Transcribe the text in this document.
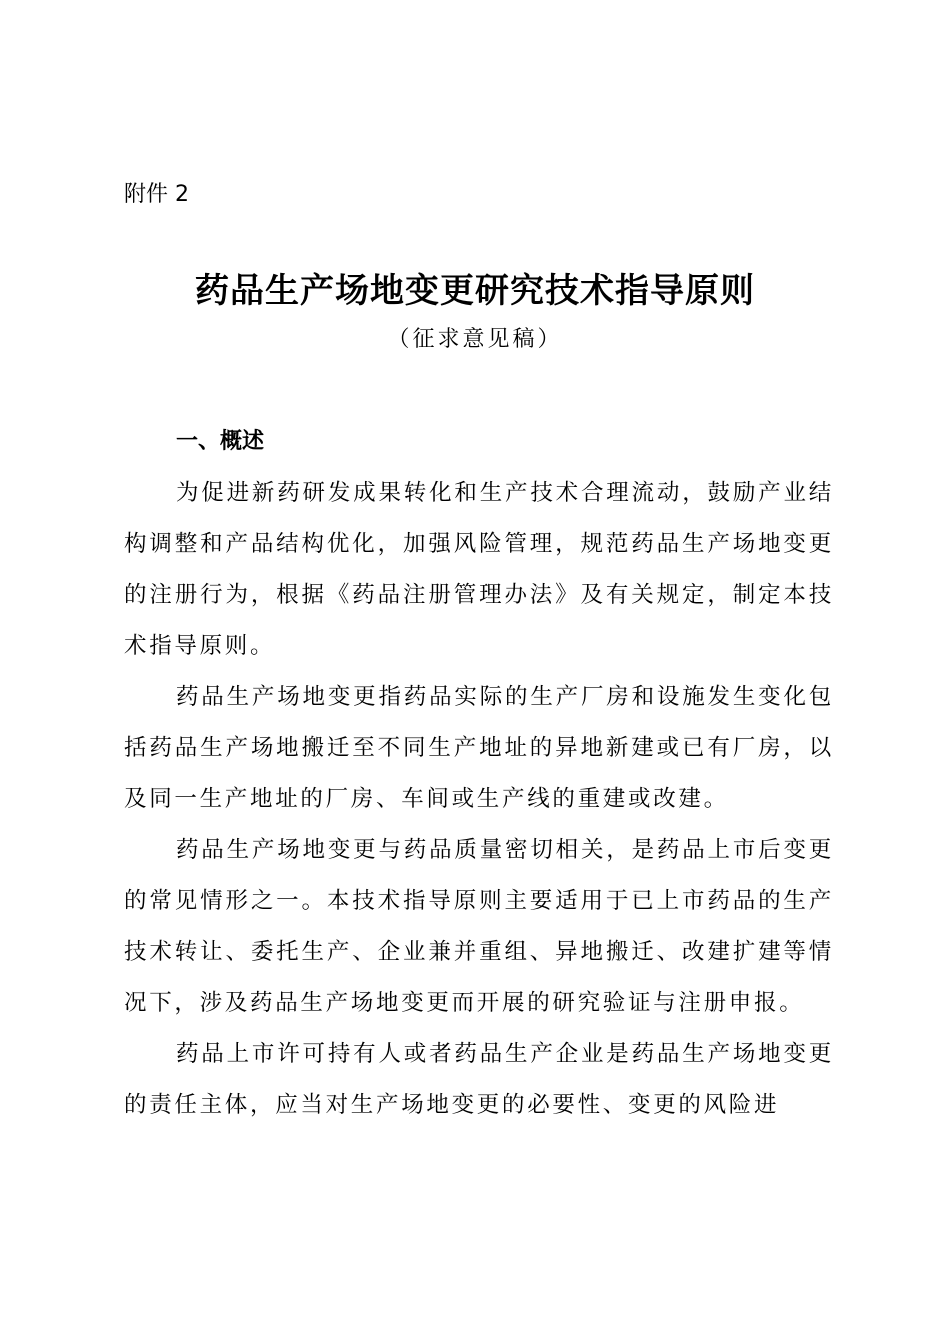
附件 2
药品生产场地变更研究技术指导原则
（征求意见稿）
一、概述

为促进新药研发成果转化和生产技术合理流动，鼓励产业结构调整和产品结构优化，加强风险管理，规范药品生产场地变更的注册行为，根据《药品注册管理办法》及有关规定，制定本技术指导原则。

药品生产场地变更指药品实际的生产厂房和设施发生变化包括药品生产场地搬迁至不同生产地址的异地新建或已有厂房，以及同一生产地址的厂房、车间或生产线的重建或改建。

药品生产场地变更与药品质量密切相关，是药品上市后变更的常见情形之一。本技术指导原则主要适用于已上市药品的生产技术转让、委托生产、企业兼并重组、异地搬迁、改建扩建等情况下，涉及药品生产场地变更而开展的研究验证与注册申报。

药品上市许可持有人或者药品生产企业是药品生产场地变更的责任主体，应当对生产场地变更的必要性、变更的风险进
